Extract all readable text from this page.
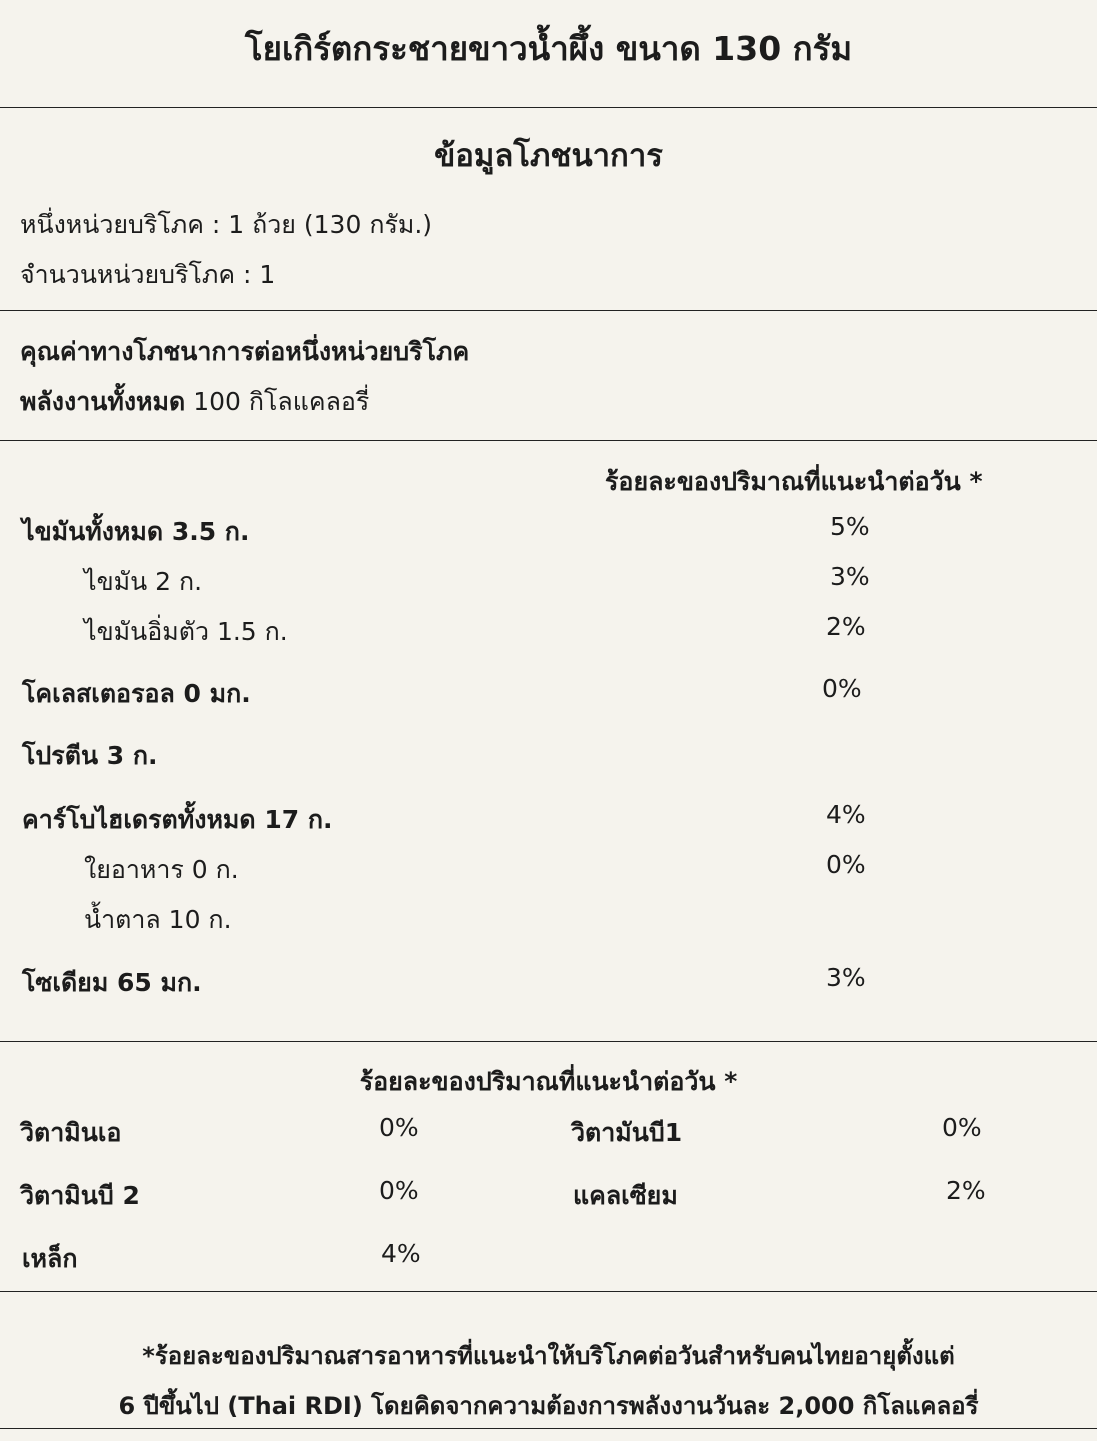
โยเกิร์ตกระชายขาวน้ำผึ้ง ขนาด 130 กรัม
ข้อมูลโภชนาการ
หนึ่งหน่วยบริโภค : 1 ถ้วย (130 กรัม.)
จำนวนหน่วยบริโภค : 1
คุณค่าทางโภชนาการต่อหนึ่งหน่วยบริโภค
พลังงานทั้งหมด 100 กิโลแคลอรี่
ร้อยละของปริมาณที่แนะนำต่อวัน *
ไขมันทั้งหมด 3.5 ก.	5%
ไขมัน 2 ก.	3%
ไขมันอิ่มตัว 1.5 ก.	2%
โคเลสเตอรอล 0 มก.	0%
โปรตีน 3 ก.
คาร์โบไฮเดรตทั้งหมด 17 ก.	4%
ใยอาหาร 0 ก.	0%
น้ำตาล 10 ก.
โซเดียม 65 มก.	3%
ร้อยละของปริมาณที่แนะนำต่อวัน *
วิตามินเอ	0%	วิตามันบี1	0%
วิตามินบี 2	0%	แคลเซียม	2%
เหล็ก	4%
*ร้อยละของปริมาณสารอาหารที่แนะนำให้บริโภคต่อวันสำหรับคนไทยอายุตั้งแต่
6 ปีขึ้นไป (Thai RDI) โดยคิดจากความต้องการพลังงานวันละ 2,000 กิโลแคลอรี่
